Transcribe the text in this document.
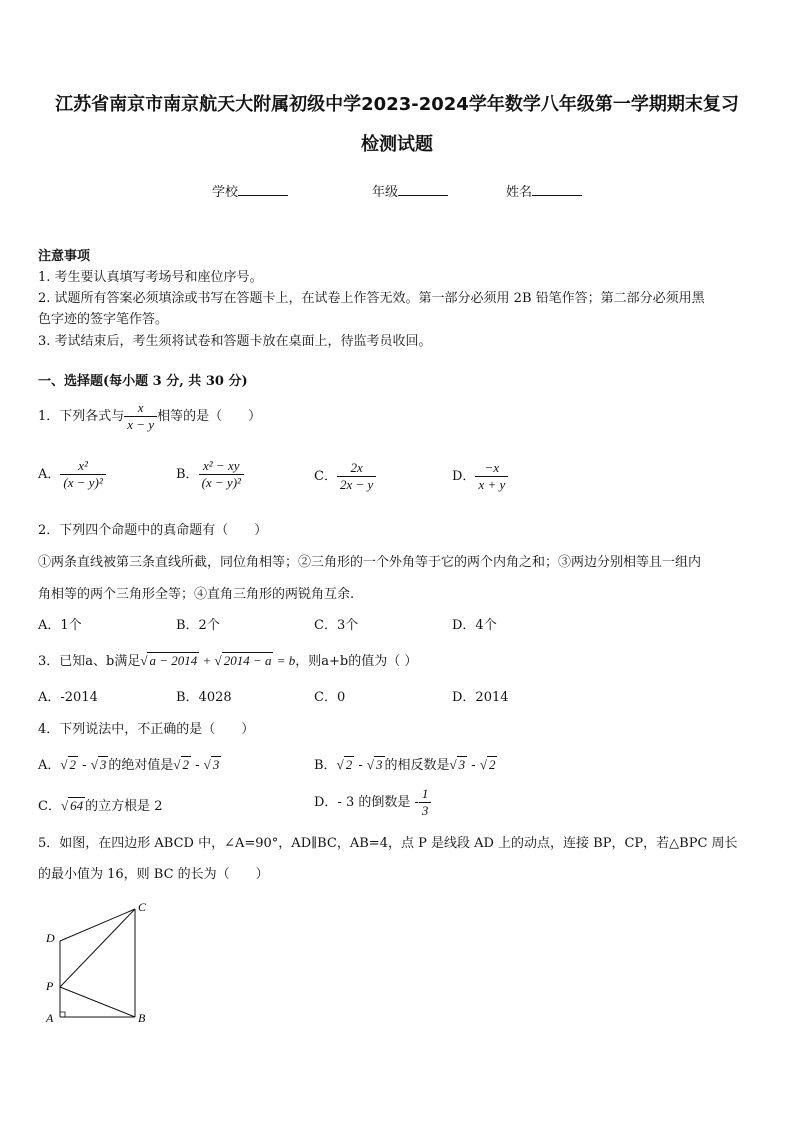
江苏省南京市南京航天大附属初级中学2023-2024学年数学八年级第一学期期末复习
检测试题
学校	年级	姓名
注意事项
1. 考生要认真填写考场号和座位序号。
2. 试题所有答案必须填涂或书写在答题卡上，在试卷上作答无效。第一部分必须用 2B 铅笔作答；第二部分必须用黑
色字迹的签字笔作答。
3. 考试结束后，考生须将试卷和答题卡放在桌面上，待监考员收回。
一、选择题(每小题 3 分, 共 30 分)
1．下列各式与 $\frac{x}{x - y}$ 相等的是（　　）
A． $\frac{\text{x²}}{\text{(x − y)²}}$	B． $\frac{\text{x² − xy}}{\text{(x − y)²}}$	C． $\frac{2x}{2x - y}$	D． $\frac{-x}{x + y}$
2．下列四个命题中的真命题有（　　）
①两条直线被第三条直线所截，同位角相等；②三角形的一个外角等于它的两个内角之和；③两边分别相等且一组内
角相等的两个三角形全等；④直角三角形的两锐角互余.
A．1个	B．2个	C．3个	D．4个
3．已知a、b满足√ a − 2014 + √ 2014 − a = b，则a+b的值为（ ）
A．-2014	B．4028	C．0	D．2014
4．下列说法中，不正确的是（　　）
A．√ 2 - √ 3 的绝对值是√ 2 - √ 3	B．√ 2 - √ 3 的相反数是√ 3 - √ 2
C．√ 64 的立方根是 2	D．- 3 的倒数是 - $\frac{1}{3}$
5．如图，在四边形 ABCD 中，∠A=90°，AD∥BC，AB=4，点 P 是线段 AD 上的动点，连接 BP，CP，若△BPC 周长
的最小值为 16，则 BC 的长为（　　）
A	B
C
D
P
